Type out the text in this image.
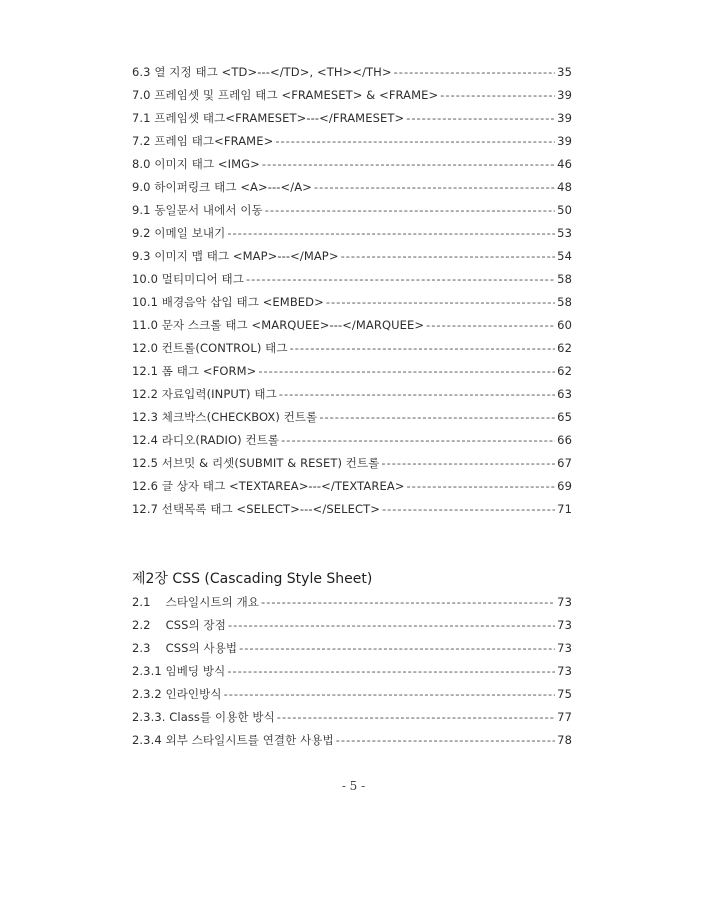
6.3 열 지정 태그 <TD>---</TD>, <TH></TH> -----	35
7.0 프레임셋 및 프레임 태그 <FRAMESET> & <FRAME> -----	39
7.1 프레임셋 태그<FRAMESET>---</FRAMESET> -----	39
7.2 프레임 태그<FRAME> -----	39
8.0 이미지 태그 <IMG> -----	46
9.0 하이퍼링크 태그 <A>---</A> -----	48
9.1 동일문서 내에서 이동 -----	50
9.2 이메일 보내기 -----	53
9.3 이미지 맵 태그 <MAP>---</MAP> -----	54
10.0 멀티미디어 태그 -----	58
10.1 배경음악 삽입 태그 <EMBED> -----	58
11.0 문자 스크롤 태그 <MARQUEE>---</MARQUEE> -----	60
12.0 컨트롤(CONTROL) 태그 -----	62
12.1 폼 태그 <FORM> -----	62
12.2 자료입력(INPUT) 태그 -----	63
12.3 체크박스(CHECKBOX) 컨트롤 -----	65
12.4 라디오(RADIO) 컨트롤 -----	66
12.5 서브밋 & 리셋(SUBMIT & RESET) 컨트롤 -----	67
12.6 글 상자 태그 <TEXTAREA>---</TEXTAREA> -----	69
12.7 선택목록 태그 <SELECT>---</SELECT> -----	71
제2장 CSS (Cascading Style Sheet)
2.1    스타일시트의 개요 -----	73
2.2    CSS의 장점 -----	73
2.3    CSS의 사용법 -----	73
2.3.1 임베딩 방식 -----	73
2.3.2 인라인방식 -----	75
2.3.3. Class를 이용한 방식 -----	77
2.3.4 외부 스타일시트를 연결한 사용법 -----	78
- 5 -
